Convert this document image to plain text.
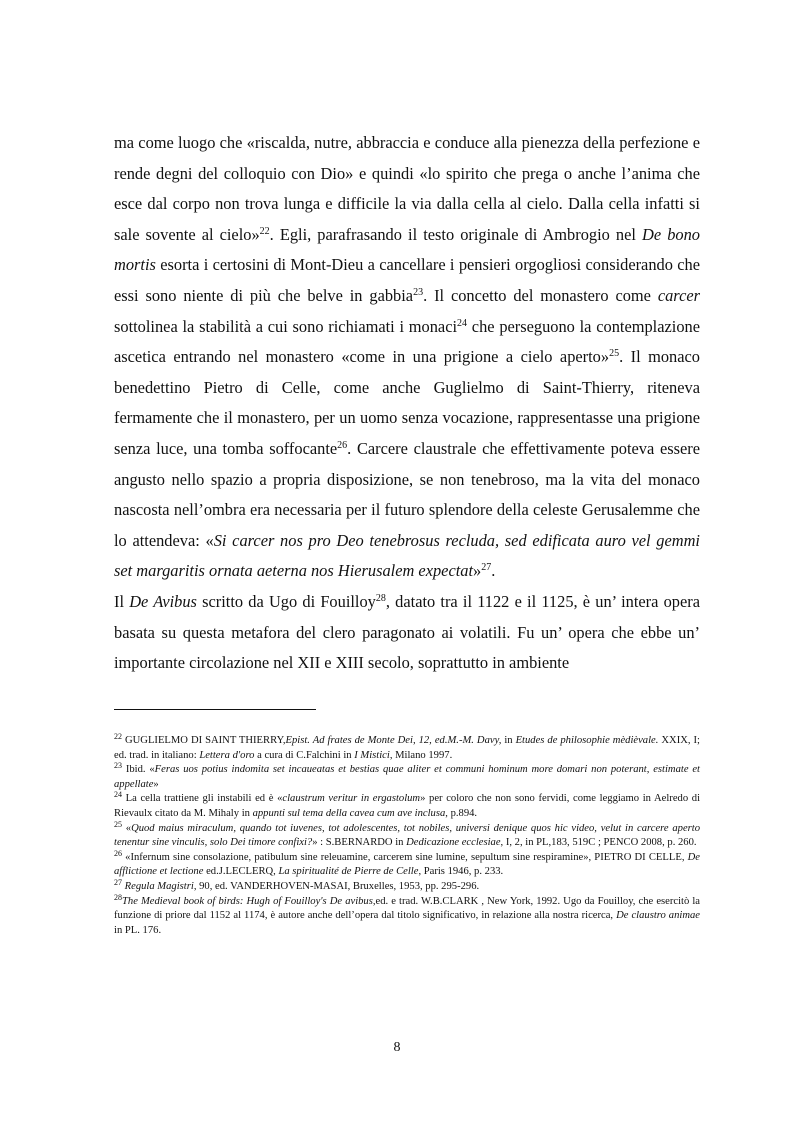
ma come luogo che «riscalda, nutre, abbraccia e conduce alla pienezza della perfezione e rende degni del colloquio con Dio» e quindi «lo spirito che prega o anche l’anima che esce dal corpo non trova lunga e difficile la via dalla cella al cielo. Dalla cella infatti si sale sovente al cielo»$^{22}$. Egli, parafrasando il testo originale di Ambrogio nel De bono mortis esorta i certosini di Mont-Dieu a cancellare i pensieri orgogliosi considerando che essi sono niente di più che belve in gabbia$^{23}$. Il concetto del monastero come carcer sottolinea la stabilità a cui sono richiamati i monaci$^{24}$ che perseguono la contemplazione ascetica entrando nel monastero «come in una prigione a cielo aperto»$^{25}$. Il monaco benedettino Pietro di Celle, come anche Guglielmo di Saint-Thierry, riteneva fermamente che il monastero, per un uomo senza vocazione, rappresentasse una prigione senza luce, una tomba soffocante$^{26}$. Carcere claustrale che effettivamente poteva essere angusto nello spazio a propria disposizione, se non tenebroso, ma la vita del monaco nascosta nell’ombra era necessaria per il futuro splendore della celeste Gerusalemme che lo attendeva: «Si carcer nos pro Deo tenebrosus recluda, sed edificata auro vel gemmi set margaritis ornata aeterna nos Hierusalem expectat»$^{27}$.
Il De Avibus scritto da Ugo di Fouilloy$^{28}$, datato tra il 1122 e il 1125, è un’ intera opera basata su questa metafora del clero paragonato ai volatili. Fu un’ opera che ebbe un’ importante circolazione nel XII e XIII secolo, soprattutto in ambiente

$^{22}$ GUGLIELMO DI SAINT THIERRY,Epist. Ad frates de Monte Dei, 12, ed.M.-M. Davy, in Etudes de philosophie mèdièvale. XXIX, I; ed. trad. in italiano: Lettera d'oro a cura di C.Falchini in I Mistici, Milano 1997.

$^{23}$ Ibid. «Feras uos potius indomita set incaueatas et bestias quae aliter et communi hominum more domari non poterant, estimate et appellate»

$^{24}$ La cella trattiene gli instabili ed è «claustrum veritur in ergastolum» per coloro che non sono fervidi, come leggiamo in Aelredo di Rievaulx citato da M. Mihaly in appunti sul tema della cavea cum ave inclusa, p.894.

$^{25}$ «Quod maius miraculum, quando tot iuvenes, tot adolescentes, tot nobiles, universi denique quos hic video, velut in carcere aperto tenentur sine vinculis, solo Dei timore confixi?» : S.BERNARDO in Dedicazione ecclesiae, I, 2, in PL,183, 519C ; PENCO 2008, p. 260.

$^{26}$ «Infernum sine consolazione, patibulum sine releuamine, carcerem sine lumine, sepultum sine respiramine», PIETRO DI CELLE, De afflictione et lectione ed.J.LECLERQ, La spiritualité de Pierre de Celle, Paris 1946, p. 233.

$^{27}$ Regula Magistri, 90, ed. VANDERHOVEN-MASAI, Bruxelles, 1953, pp. 295-296.

$^{28}$The Medieval book of birds: Hugh of Fouilloy's De avibus,ed. e trad. W.B.CLARK , New York, 1992. Ugo da Fouilloy, che esercitò la funzione di priore dal 1152 al 1174, è autore anche dell’opera dal titolo significativo, in relazione alla nostra ricerca, De claustro animae in PL. 176.

8
